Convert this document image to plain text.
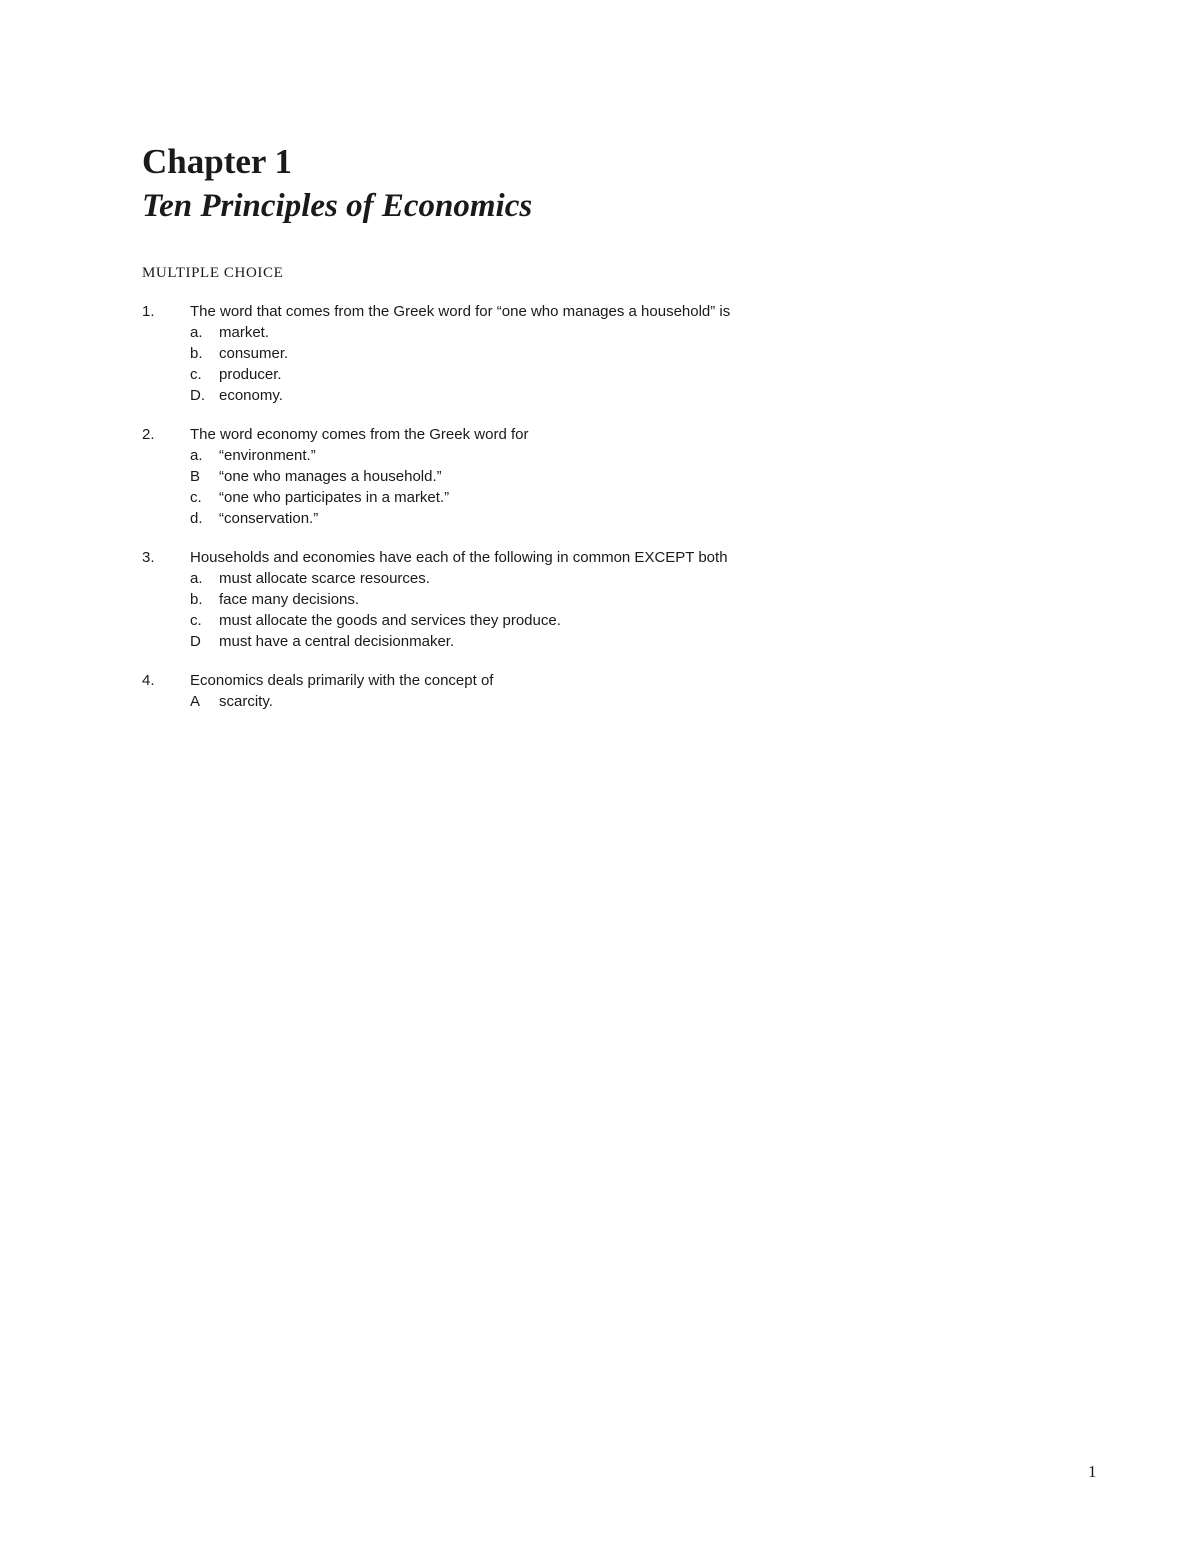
Chapter 1
Ten Principles of Economics
MULTIPLE CHOICE
1.	The word that comes from the Greek word for “one who manages a household” is
a.	market.
b.	consumer.
c.	producer.
D. economy.
2.	The word economy comes from the Greek word for
a.	“environment.”
B	“one who manages a household.”
c.	“one who participates in a market.”
d.	“conservation.”
3.	Households and economies have each of the following in common EXCEPT both
a.	must allocate scarce resources.
b.	face many decisions.
c.	must allocate the goods and services they produce.
D	must have a central decisionmaker.
4.	Economics deals primarily with the concept of
A	scarcity.
1
